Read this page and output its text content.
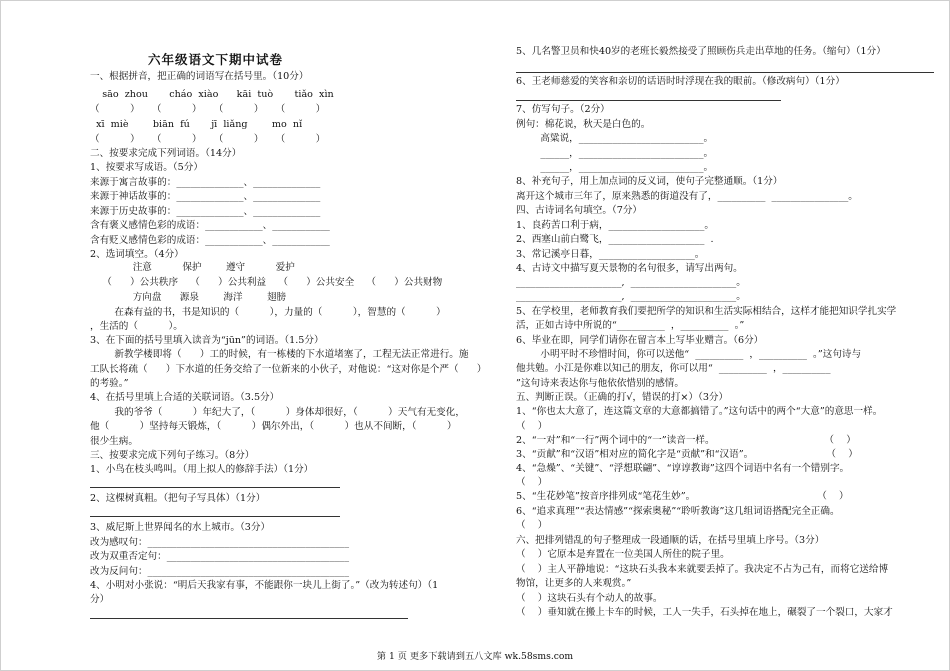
六年级语文下期中试卷
一、根据拼音，把正确的词语写在括号里。（10分）
sāo  zhou       cháo  xiào      kāi  tuò       tiǎo  xìn
（          ）    （          ）    （          ）    （          ）
xī  miè        biān  fú       jī  liǎng        mo  nǐ
（          ）    （          ）    （          ）    （          ）
二、按要求完成下列词语。（14分）
1、按要求写成语。（5分）
来源于寓言故事的：______________、______________
来源于神话故事的：______________、______________
来源于历史故事的：______________、______________
含有褒义感情色彩的成语：____________、____________
含有贬义感情色彩的成语：____________、____________
2、选词填空。（4分）
注意          保护        遵守          爱护
（      ）公共秩序    （      ）公共利益    （      ）公共安全    （      ）公共财物
方向盘      源泉        海洋        翅膀
在森有益的书，书是知识的（          ），力量的（          ），智慧的（          ）
，生活的（          ）。
3、在下面的括号里填入读音为“jūn”的词语。（1.5分）
新教学楼即将（      ）工的时候，有一栋楼的下水道堵塞了，工程无法正常进行。施
工队长将疏（      ）下水道的任务交给了一位新来的小伙子，对他说：“这对你是个严（      ）
的考验。”
4、在括号里填上合适的关联词语。（3.5分）
我的爷爷（          ）年纪大了，（          ）身体却很好，（          ）天气有无变化，
他（          ）坚持每天锻炼，（          ）偶尔外出，（          ）也从不间断，（          ）
很少生病。
三、按要求完成下列句子练习。（8分）
1、小鸟在枝头鸣叫。（用上拟人的修辞手法）（1分）
2、这棵树真粗。（把句子写具体）（1分）
3、威尼斯上世界闻名的水上城市。（3分）
改为感叹句：__________________________________________
改为双重否定句：______________________________________
改为反问句：__________________________________________
4、小明对小张说：“明后天我家有事，不能跟你一块儿上街了。”（改为转述句）（1
分）
5、几名警卫员和快40岁的老班长毅然接受了照顾伤兵走出草地的任务。（缩句）（1分）
6、王老师慈爱的笑容和亲切的话语时时浮现在我的眼前。（修改病句）（1分）
7、仿写句子。（2分）
例句：棉花说，秋天是白色的。
高粱说，__________________________。
______，__________________________。
______，__________________________。
8、补充句子，用上加点词的反义词，使句子完整通顺。（1分）
离开这个城市三年了，原来熟悉的街道没有了，__________  ________________。
四、古诗词名句填空。（7分）
1、良药苦口利于病，____________________。
2、西塞山前白鹭飞，____________________  .
3、常记溪亭日暮，____________________。
4、古诗文中描写夏天景物的名句很多，请写出两句。
______________________,  ______________________。
______________________,  ______________________。
5、在学校里，老师教育我们要把所学的知识和生活实际相结合，这样才能把知识学扎实学
活，正如古诗中所说的“__________  ，__________  。”
6、毕业在即，同学们请你在留言本上写毕业赠言。（6分）
小明平时不珍惜时间，你可以送他“  __________  ，__________  。”这句诗与
他共勉。小江是你难以知己的朋友，你可以用“  __________  ，__________
”这句诗来表达你与他依依惜别的感情。
五、判断正误。（正确的打√，错误的打×）（3分）
1、“你也太大意了，连这篇文章的大意都搞错了。”这句话中的两个“大意”的意思一样。
（    ）
2、“一对”和“一行”两个词中的“一”读音一样。                                    （    ）
3、“贡献”和“汉语”相对应的简化字是“贡献”和“汉语”。                        （    ）
4、“急燥”、“关键”、“浮想联翩”、“谆谆教诲”这四个词语中名有一个错别字。
（    ）
5、“生花妙笔”按音序排列成“笔花生妙”。                                        （    ）
6、“追求真理”“表达情感”“探索奥秘”“聆听教诲”这几组词语搭配完全正确。
（    ）
六、把排列错乱的句子整理成一段通顺的话，在括号里填上序号。（3分）
（    ）它原本是弃置在一位美国人所住的院子里。
（    ）主人平静地说：“这块石头我本来就要丢掉了。我决定不占为己有，而将它送给博
物馆，让更多的人来观赏。”
（    ）这块石头有个动人的故事。
（    ）垂知就在搬上卡车的时候，工人一失手，石头掉在地上，碾裂了一个裂口，大家才
第 1 页 更多下载请到五八文库 wk.58sms.com
